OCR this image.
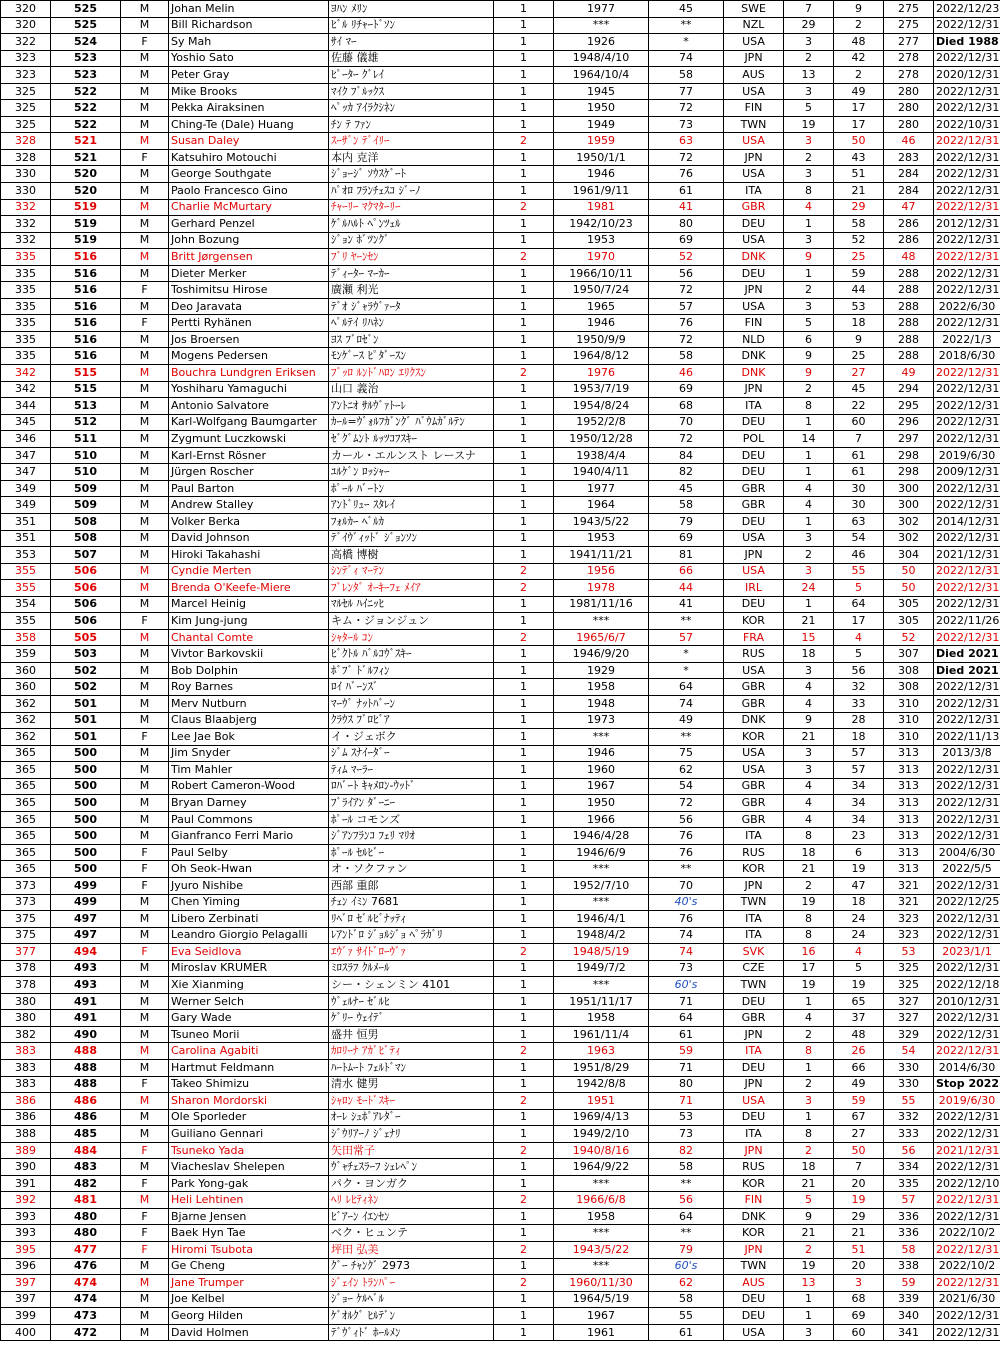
320	525	M	Johan Melin	ﾖﾊﾝ ﾒﾘﾝ	1	1977	45	SWE	7	9	275	2022/12/23
320	525	M	Bill Richardson	ﾋﾞﾙ ﾘﾁｬｰﾄﾞｿﾝ	1	***	**	NZL	29	2	275	2022/12/31
322	524	F	Sy Mah	ｻｲ ﾏｰ	1	1926	*	USA	3	48	277	Died 1988
323	523	M	Yoshio Sato	佐藤 儀雄	1	1948/4/10	74	JPN	2	42	278	2022/12/31
323	523	M	Peter Gray	ﾋﾟｰﾀｰ ｸﾞﾚｲ	1	1964/10/4	58	AUS	13	2	278	2020/12/31
325	522	M	Mike Brooks	ﾏｲｸ ﾌﾞﾙｯｸｽ	1	1945	77	USA	3	49	280	2022/12/31
325	522	M	Pekka Airaksinen	ﾍﾟｯｶ ｱｲﾗｸｼﾈﾝ	1	1950	72	FIN	5	17	280	2022/12/31
325	522	M	Ching-Te (Dale) Huang	ﾁﾝ ﾃ ﾌｧﾝ	1	1949	73	TWN	19	17	280	2022/10/31
328	521	M	Susan Daley	ｽｰｻﾞﾝ ﾃﾞｲﾘｰ	2	1959	63	USA	3	50	46	2022/12/31
328	521	F	Katsuhiro Motouchi	本内 克洋	1	1950/1/1	72	JPN	2	43	283	2022/12/31
330	520	M	George Southgate	ｼﾞｮｰｼﾞ ｿｳｽｹﾞｰﾄ	1	1946	76	USA	3	51	284	2022/12/31
330	520	M	Paolo Francesco Gino	ﾊﾟｵﾛ ﾌﾗﾝﾁｪｽｺ ｼﾞｰﾉ	1	1961/9/11	61	ITA	8	21	284	2022/12/31
332	519	M	Charlie McMurtary	ﾁｬｰﾘｰ ﾏｸﾏﾀｰﾘｰ	2	1981	41	GBR	4	29	47	2022/12/31
332	519	M	Gerhard Penzel	ｹﾞﾙﾊﾙﾄ ﾍﾟﾝﾂｪﾙ	1	1942/10/23	80	DEU	1	58	286	2012/12/31
332	519	M	John Bozung	ｼﾞｮﾝ ﾎﾞﾂﾝｸﾞ	1	1953	69	USA	3	52	286	2022/12/31
335	516	M	Britt Jørgensen	ﾌﾞﾘ ﾔｰﾝｾﾝ	2	1970	52	DNK	9	25	48	2022/12/31
335	516	M	Dieter Merker	ﾃﾞｨｰﾀｰ ﾏｰｶｰ	1	1966/10/11	56	DEU	1	59	288	2022/12/31
335	516	F	Toshimitsu Hirose	廣瀬 利光	1	1950/7/24	72	JPN	2	44	288	2022/12/31
335	516	M	Deo Jaravata	ﾃﾞｵ ｼﾞｬﾗｳﾞｧｰﾀ	1	1965	57	USA	3	53	288	2022/6/30
335	516	F	Pertti Ryhänen	ﾍﾟﾙﾃｲ ﾘﾊﾈﾝ	1	1946	76	FIN	5	18	288	2022/12/31
335	516	M	Jos Broersen	ﾖｽ ﾌﾞﾛｾﾞﾝ	1	1950/9/9	72	NLD	6	9	288	2022/1/3
335	516	M	Mogens Pedersen	ﾓﾝｹﾞｰｽ ﾋﾟﾀﾞｰｽﾝ	1	1964/8/12	58	DNK	9	25	288	2018/6/30
342	515	M	Bouchra Lundgren Eriksen	ﾌﾞｯﾛ ﾙﾝﾄﾞﾊﾛﾝ ｴﾘｸｽﾝ	2	1976	46	DNK	9	27	49	2022/12/31
342	515	M	Yoshiharu Yamaguchi	山口 義治	1	1953/7/19	69	JPN	2	45	294	2022/12/31
344	513	M	Antonio Salvatore	ｱﾝﾄﾆｵ ｻﾙｳﾞｧﾄｰﾚ	1	1954/8/24	68	ITA	8	22	295	2022/12/31
345	512	M	Karl-Wolfgang Baumgarter	ｶｰﾙ=ｳﾞｫﾙﾌｶﾞﾝｸﾞ ﾊﾞｳﾑｶﾞﾙﾃﾝ	1	1952/2/8	70	DEU	1	60	296	2022/12/31
346	511	M	Zygmunt Luczkowski	ｾﾞｸﾞﾑﾝﾄ ﾙｯﾂｺﾌｽｷｰ	1	1950/12/28	72	POL	14	7	297	2022/12/31
347	510	M	Karl-Ernst Rösner	カール・エルンスト レースナ	1	1938/4/4	84	DEU	1	61	298	2019/6/30
347	510	M	Jürgen Roscher	ﾕﾙｹﾞﾝ ﾛｯｼｬｰ	1	1940/4/11	82	DEU	1	61	298	2009/12/31
349	509	M	Paul Barton	ﾎﾟｰﾙ ﾊﾞｰﾄﾝ	1	1977	45	GBR	4	30	300	2022/12/31
349	509	M	Andrew Stalley	ｱﾝﾄﾞﾘｭｰ ｽﾀﾚｲ	1	1964	58	GBR	4	30	300	2022/12/31
351	508	M	Volker Berka	ﾌｫﾙｶｰ ﾍﾞﾙｶ	1	1943/5/22	79	DEU	1	63	302	2014/12/31
351	508	M	David Johnson	ﾃﾞｲｳﾞｨｯﾄﾞ ｼﾞｮﾝｿﾝ	1	1953	69	USA	3	54	302	2022/12/31
353	507	M	Hiroki Takahashi	高橋 博樹	1	1941/11/21	81	JPN	2	46	304	2021/12/31
355	506	M	Cyndie Merten	ｼﾝﾃﾞｨ ﾏｰﾃﾝ	2	1956	66	USA	3	55	50	2022/12/31
355	506	M	Brenda O'Keefe-Miere	ﾌﾞﾚﾝﾀﾞ ｵｰｷｰﾌｪ ﾒｲｱ	2	1978	44	IRL	24	5	50	2022/12/31
354	506	M	Marcel Heinig	ﾏﾙｾﾙ ﾊｲﾆｯﾋ	1	1981/11/16	41	DEU	1	64	305	2022/12/31
355	506	F	Kim Jung-jung	キム・ジョンジュン	1	***	**	KOR	21	17	305	2022/11/26
358	505	M	Chantal Comte	ｼｬﾀｰﾙ ｺﾝ	2	1965/6/7	57	FRA	15	4	52	2022/12/31
359	503	M	Vivtor Barkovskii	ﾋﾞｸﾄﾙ ﾊﾞﾙｺｳﾞｽｷｰ	1	1946/9/20	*	RUS	18	5	307	Died 2021
360	502	M	Bob Dolphin	ﾎﾞﾌﾞ ﾄﾞﾙﾌｨﾝ	1	1929	*	USA	3	56	308	Died 2021
360	502	M	Roy Barnes	ﾛｲ ﾊﾞｰﾝｽﾞ	1	1958	64	GBR	4	32	308	2022/12/31
362	501	M	Merv Nutburn	ﾏｰｳﾞ ﾅｯﾄﾊﾞｰﾝ	1	1948	74	GBR	4	33	310	2022/12/31
362	501	M	Claus Blaabjerg	ｸﾗｳｽ ﾌﾞﾛﾋﾞｱ	1	1973	49	DNK	9	28	310	2022/12/31
362	501	F	Lee Jae Bok	イ・ジェボク	1	***	**	KOR	21	18	310	2022/11/13
365	500	M	Jim Snyder	ｼﾞﾑ ｽﾅｲｰﾀﾞｰ	1	1946	75	USA	3	57	313	2013/3/8
365	500	M	Tim Mahler	ﾃｨﾑ ﾏｰﾗｰ	1	1960	62	USA	3	57	313	2022/12/31
365	500	M	Robert Cameron-Wood	ﾛﾊﾞｰﾄ ｷｬﾒﾛﾝ-ｳｯﾄﾞ	1	1967	54	GBR	4	34	313	2022/12/31
365	500	M	Bryan Darney	ﾌﾞﾗｲｱﾝ ﾀﾞｰﾆｰ	1	1950	72	GBR	4	34	313	2022/12/31
365	500	M	Paul Commons	ﾎﾟｰﾙ コモンズ	1	1966	56	GBR	4	34	313	2022/12/31
365	500	M	Gianfranco Ferri Mario	ｼﾞｱﾝﾌﾗﾝｺ ﾌｪﾘ ﾏﾘｵ	1	1946/4/28	76	ITA	8	23	313	2022/12/31
365	500	F	Paul Selby	ﾎﾟｰﾙ ｾﾙﾋﾞｰ	1	1946/6/9	76	RUS	18	6	313	2004/6/30
365	500	F	Oh Seok-Hwan	オ・ソクファン	1	***	**	KOR	21	19	313	2022/5/5
373	499	F	Jyuro Nishibe	西部 重郎	1	1952/7/10	70	JPN	2	47	321	2022/12/31
373	499	M	Chen Yiming	ﾁｪﾝ ｲﾐﾝ 7681	1	***	40's	TWN	19	18	321	2022/12/25
375	497	M	Libero Zerbinati	ﾘﾍﾞﾛ ｾﾞﾙﾋﾞﾅｯﾃｨ	1	1946/4/1	76	ITA	8	24	323	2022/12/31
375	497	M	Leandro Giorgio Pelagalli	ﾚｱﾝﾄﾞﾛ ｼﾞｮﾙｼﾞｮ ﾍﾟﾗｶﾞﾘ	1	1948/4/2	74	ITA	8	24	323	2022/12/31
377	494	F	Eva Seidlova	ｴｳﾞｧ ｻｲﾄﾞﾛｰｳﾞｧ	2	1948/5/19	74	SVK	16	4	53	2023/1/1
378	493	M	Miroslav KRUMER	ﾐﾛｽﾗﾌ ｸﾙﾒｰﾙ	1	1949/7/2	73	CZE	17	5	325	2022/12/31
378	493	M	Xie Xianming	シー・シェンミン 4101	1	***	60's	TWN	19	19	325	2022/12/18
380	491	M	Werner Selch	ｳﾞｪﾙﾅｰ ｾﾞﾙﾋ	1	1951/11/17	71	DEU	1	65	327	2010/12/31
380	491	M	Gary Wade	ｹﾞﾘｰ ｳｪｲﾃﾞ	1	1958	64	GBR	4	37	327	2022/12/31
382	490	M	Tsuneo Morii	盛井 恒男	1	1961/11/4	61	JPN	2	48	329	2022/12/31
383	488	M	Carolina Agabiti	ｶﾛﾘｰﾅ ｱｶﾞﾋﾞﾃｨ	2	1963	59	ITA	8	26	54	2022/12/31
383	488	M	Hartmut Feldmann	ﾊｰﾄﾑｰﾄ ﾌｪﾙﾄﾞﾏﾝ	1	1951/8/29	71	DEU	1	66	330	2014/6/30
383	488	F	Takeo Shimizu	清水 健男	1	1942/8/8	80	JPN	2	49	330	Stop 2022
386	486	M	Sharon Mordorski	ｼｬﾛﾝ ﾓｰﾄﾞｽｷｰ	2	1951	71	USA	3	59	55	2019/6/30
386	486	M	Ole Sporleder	ｵｰﾚ ｼｭﾎﾟｱﾚﾀﾞｰ	1	1969/4/13	53	DEU	1	67	332	2022/12/31
388	485	M	Guiliano Gennari	ｼﾞｳﾘｱｰﾉ ｼﾞｪﾅﾘ	1	1949/2/10	73	ITA	8	27	333	2022/12/31
389	484	F	Tsuneko Yada	矢田常子	2	1940/8/16	82	JPN	2	50	56	2021/12/31
390	483	M	Viacheslav Shelepen	ｳﾞｬﾁｪｽﾗｰﾌ ｼｪﾚﾍﾟﾝ	1	1964/9/22	58	RUS	18	7	334	2022/12/31
391	482	F	Park Yong-gak	パク・ヨンガク	1	***	**	KOR	21	20	335	2022/12/10
392	481	M	Heli Lehtinen	ﾍﾘ ﾚﾋﾃｨﾈﾝ	2	1966/6/8	56	FIN	5	19	57	2022/12/31
393	480	F	Bjarne Jensen	ﾋﾞｱｰﾝ ｲｴﾝｾﾝ	1	1958	64	DNK	9	29	336	2022/12/31
393	480	F	Baek Hyn Tae	ベク・ヒュンテ	1	***	**	KOR	21	21	336	2022/10/2
395	477	F	Hiromi Tsubota	坪田 弘美	2	1943/5/22	79	JPN	2	51	58	2022/12/31
396	476	M	Ge Cheng	ｸﾞｰ ﾁｬﾝｸﾞ 2973	1	***	60's	TWN	19	20	338	2022/10/2
397	474	M	Jane Trumper	ｼﾞｪｲﾝ ﾄﾗﾝﾊﾟｰ	2	1960/11/30	62	AUS	13	3	59	2022/12/31
397	474	M	Joe Kelbel	ｼﾞｮｰ ｹﾙﾍﾞﾙ	1	1964/5/19	58	DEU	1	68	339	2021/6/30
399	473	M	Georg Hilden	ｹﾞｵﾙｸﾞ ﾋﾙﾃﾞﾝ	1	1967	55	DEU	1	69	340	2022/12/31
400	472	M	David Holmen	ﾃﾞｳﾞｨﾄﾞ ﾎｰﾙﾒﾝ	1	1961	61	USA	3	60	341	2022/12/31
